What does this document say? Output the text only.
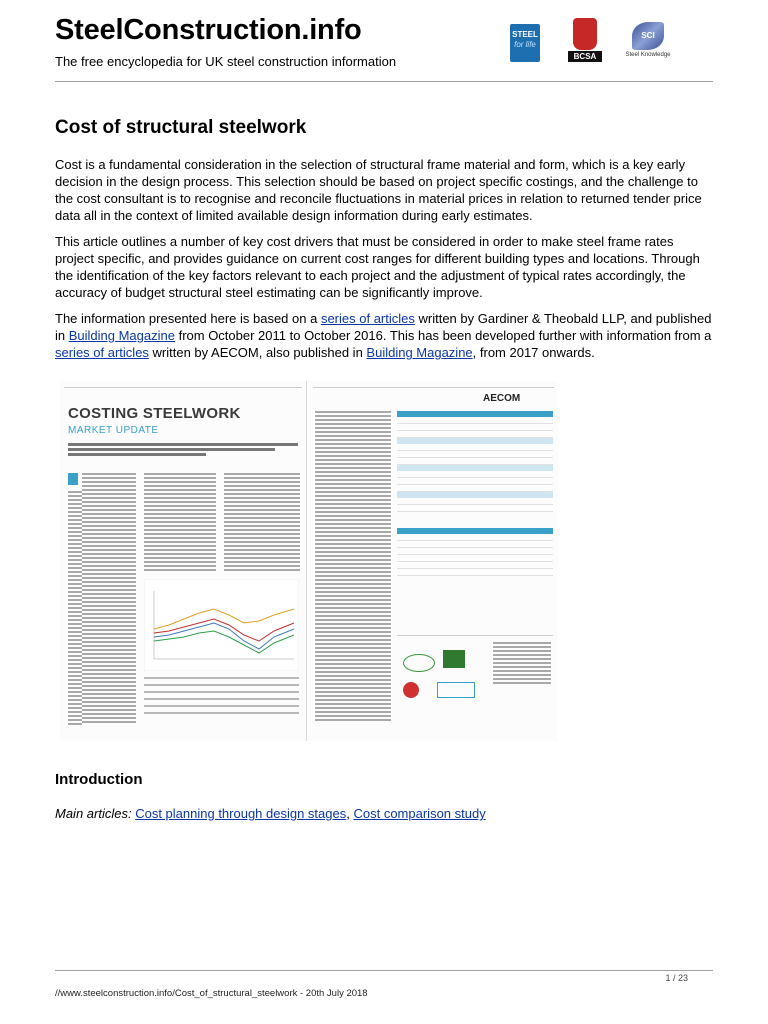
SteelConstruction.info
The free encyclopedia for UK steel construction information
STEEL
for life
BCSA
SCI
Steel Knowledge
Cost of structural steelwork

Cost is a fundamental consideration in the selection of structural frame material and form, which is a key early decision in the design process. This selection should be based on project specific costings, and the challenge to the cost consultant is to recognise and reconcile fluctuations in material prices in relation to returned tender price data all in the context of limited available design information during early estimates.

This article outlines a number of key cost drivers that must be considered in order to make steel frame rates project specific, and provides guidance on current cost ranges for different building types and locations. Through the identification of the key factors relevant to each project and the adjustment of typical rates accordingly, the accuracy of budget structural steel estimating can be significantly improve.

The information presented here is based on a series of articles written by Gardiner & Theobald LLP, and published in Building Magazine from October 2011 to October 2016. This has been developed further with information from a series of articles written by AECOM, also published in Building Magazine, from 2017 onwards.

COSTING STEELWORK
MARKET UPDATE
AECOM
Introduction
Main articles: Cost planning through design stages, Cost comparison study
1 / 23
//www.steelconstruction.info/Cost_of_structural_steelwork - 20th July 2018
